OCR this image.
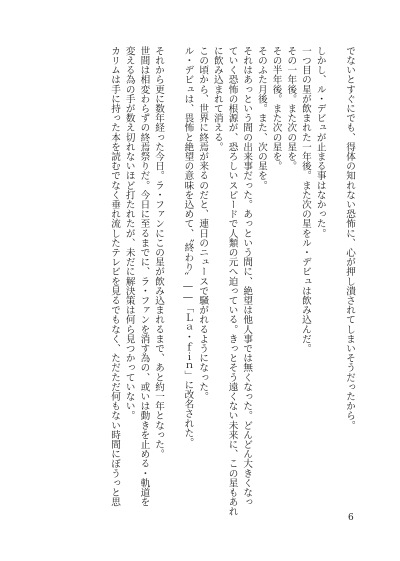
でないとすぐにでも、得体の知れない恐怖に、心が押し潰されてしまいそうだったから。
しかし、ル・デビュが止まる事はなかった。
一つ目の星が飲まれた一年後。また次の星をル・デビュは飲み込んだ。
その一年後。また次の星を。
その半年後。また次の星を。
そのふた月後。また、次の星を。
それはあっという間の出来事だった。あっという間に、絶望は他人事では無くなった。どんどん大きくなっ
ていく恐怖の根源が、恐ろしいスピードで人類の元へ迫っている。きっとそう遠くない未来に、この星もあれ
に飲み込まれて消える。
この頃から、世界に終焉が来るのだと、連日のニュースで騒がれるようになった。
ル・デビュは、畏怖と絶望の意味を込めて、〝終わり〟――「Ｌａ・ｆｉｎ」に改名された。
それから更に数年経った今日。ラ・ファンにこの星が飲み込まれるまで、あと約一年となった。
世間は相変わらずの終焉祭りだ。今日に至るまでに、ラ・ファンを消す為の、或いは動きを止める・軌道を
変える為の手が数え切れないほど打たれたが、未だに解決策は何ら見つかっていない。
カリムは手に持った本を読むでなく垂れ流したテレビを見るでもなく、ただただ何もない時間にぼうっと思
6
